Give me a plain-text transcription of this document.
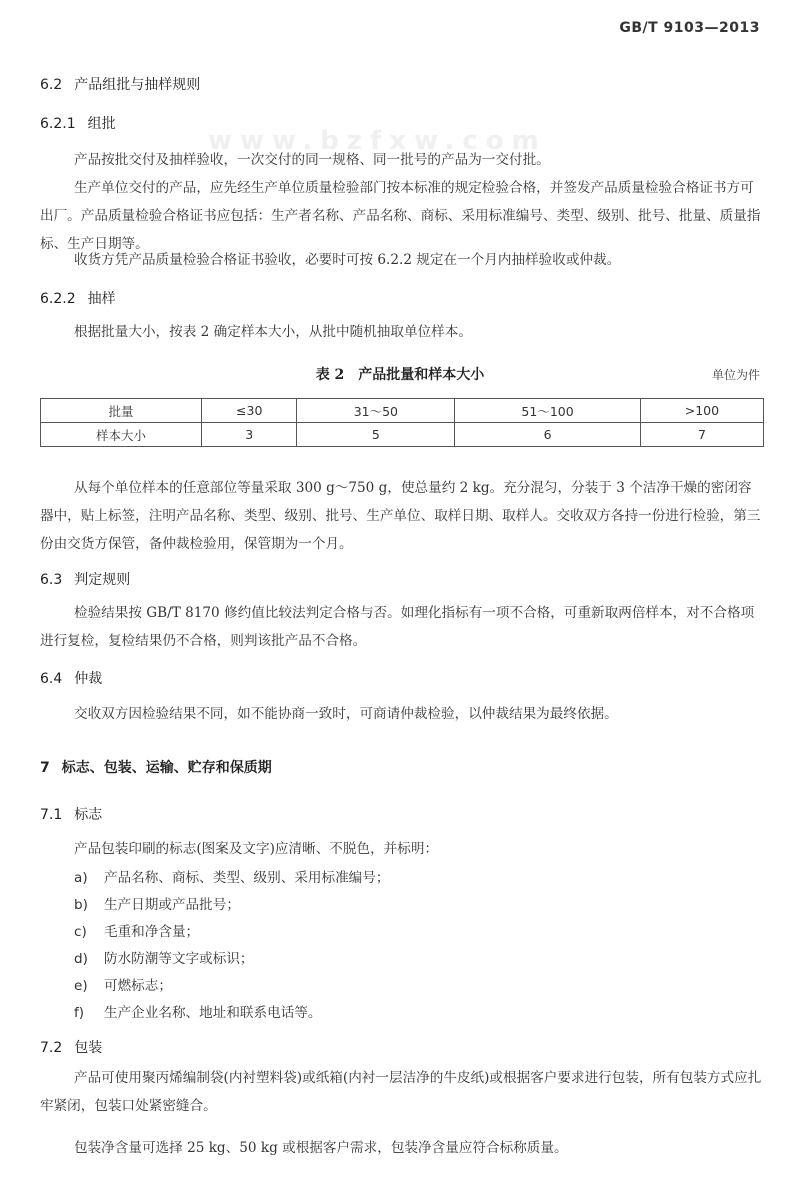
GB/T 9103—2013
6.2 产品组批与抽样规则
6.2.1 组批
产品按批交付及抽样验收，一次交付的同一规格、同一批号的产品为一交付批。
生产单位交付的产品，应先经生产单位质量检验部门按本标准的规定检验合格，并签发产品质量检验合格证书方可出厂。产品质量检验合格证书应包括：生产者名称、产品名称、商标、采用标准编号、类型、级别、批号、批量、质量指标、生产日期等。
收货方凭产品质量检验合格证书验收，必要时可按 6.2.2 规定在一个月内抽样验收或仲裁。
www.bzfxw.com
6.2.2 抽样
根据批量大小，按表 2 确定样本大小，从批中随机抽取单位样本。
表 2　产品批量和样本大小	单位为件
批量	≤30	31～50	51～100	>100
样本大小	3	5	6	7
从每个单位样本的任意部位等量采取 300 g～750 g，使总量约 2 kg。充分混匀，分装于 3 个洁净干燥的密闭容器中，贴上标签，注明产品名称、类型、级别、批号、生产单位、取样日期、取样人。交收双方各持一份进行检验，第三份由交货方保管，备仲裁检验用，保管期为一个月。
6.3 判定规则
检验结果按 GB/T 8170 修约值比较法判定合格与否。如理化指标有一项不合格，可重新取两倍样本，对不合格项进行复检，复检结果仍不合格，则判该批产品不合格。
6.4 仲裁
交收双方因检验结果不同，如不能协商一致时，可商请仲裁检验，以仲裁结果为最终依据。
7 标志、包装、运输、贮存和保质期
7.1 标志
产品包装印刷的标志(图案及文字)应清晰、不脱色，并标明：
a) 产品名称、商标、类型、级别、采用标准编号；
b) 生产日期或产品批号；
c) 毛重和净含量；
d) 防水防潮等文字或标识；
e) 可燃标志；
f) 生产企业名称、地址和联系电话等。
7.2 包装
产品可使用聚丙烯编制袋(内衬塑料袋)或纸箱(内衬一层洁净的牛皮纸)或根据客户要求进行包装，所有包装方式应扎牢紧闭，包装口处紧密缝合。
包装净含量可选择 25 kg、50 kg 或根据客户需求，包装净含量应符合标称质量。
